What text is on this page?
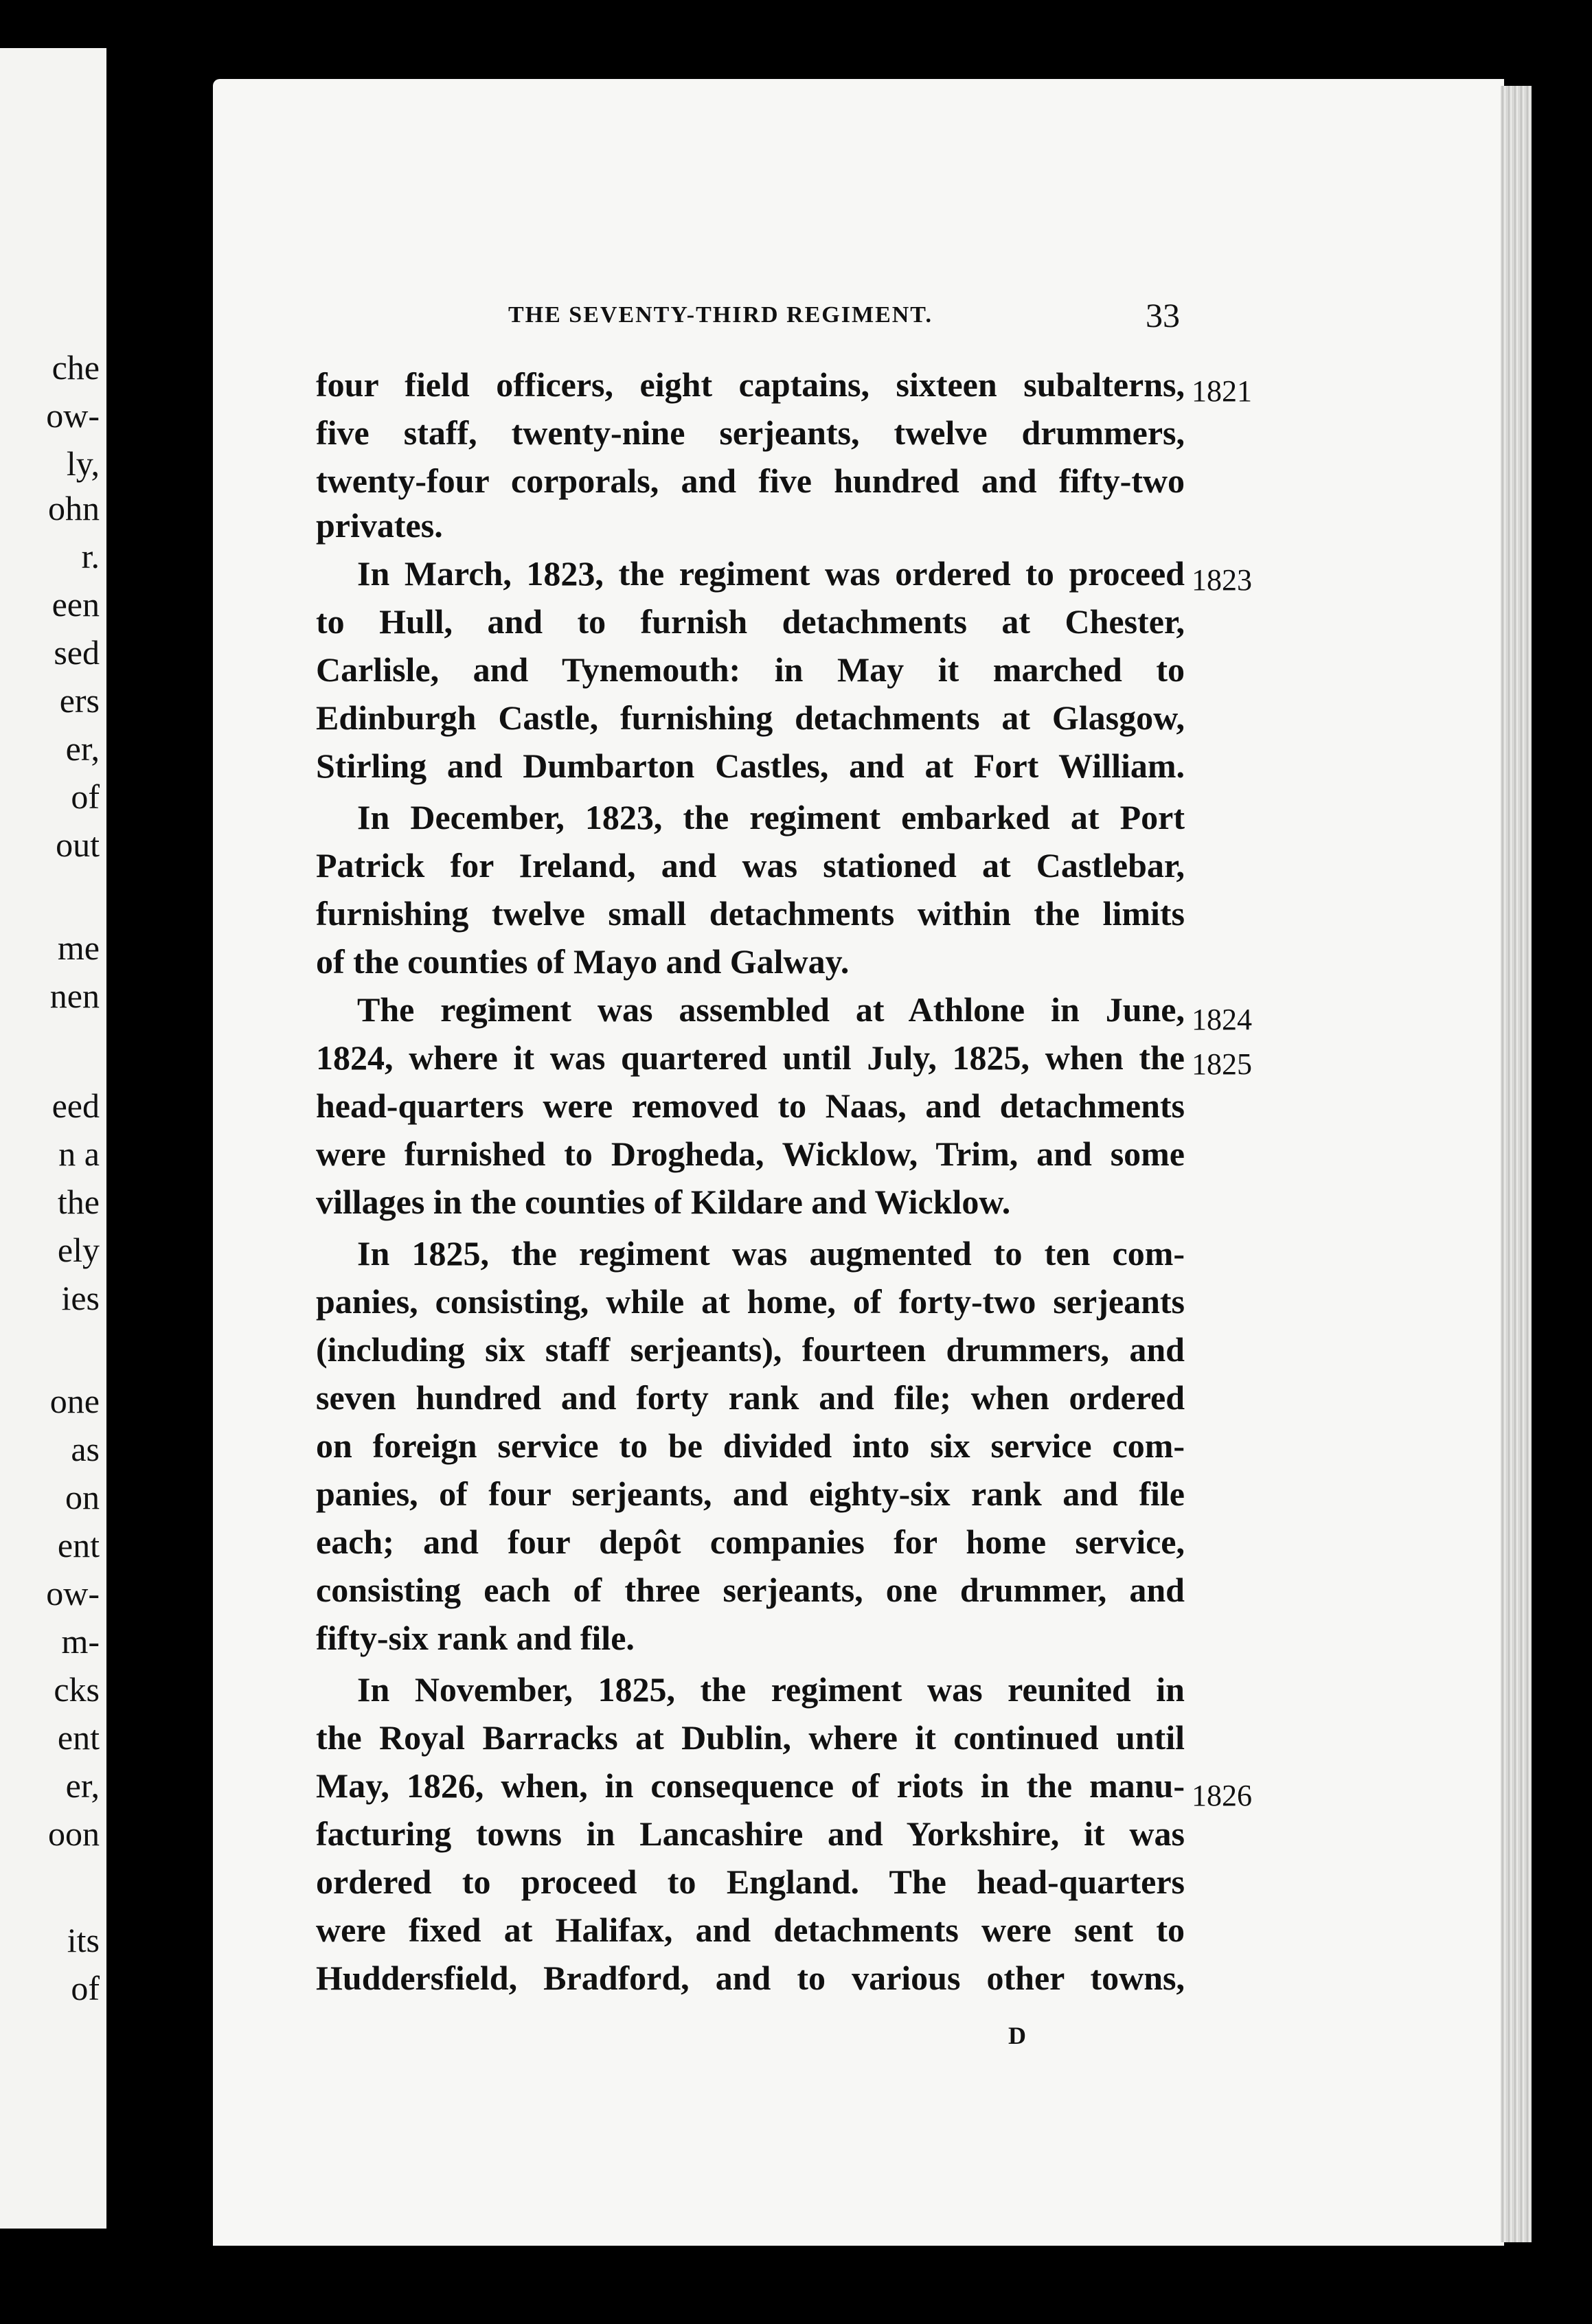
che
ow-
ly,
ohn
r.
een
sed
ers
er,
of
out
me
nen
eed
n a
the
ely
ies
one
as
on
ent
ow-
m-
cks
ent
er,
oon
its
of
THE SEVENTY-THIRD REGIMENT.	33
four field officers, eight captains, sixteen subalterns,
five staff, twenty-nine serjeants, twelve drummers,
twenty-four corporals, and five hundred and fifty-two
privates.
In March, 1823, the regiment was ordered to proceed
to Hull, and to furnish detachments at Chester,
Carlisle, and Tynemouth: in May it marched to
Edinburgh Castle, furnishing detachments at Glasgow,
Stirling and Dumbarton Castles, and at Fort William.
In December, 1823, the regiment embarked at Port
Patrick for Ireland, and was stationed at Castlebar,
furnishing twelve small detachments within the limits
of the counties of Mayo and Galway.
The regiment was assembled at Athlone in June,
1824, where it was quartered until July, 1825, when the
head-quarters were removed to Naas, and detachments
were furnished to Drogheda, Wicklow, Trim, and some
villages in the counties of Kildare and Wicklow.
In 1825, the regiment was augmented to ten com-
panies, consisting, while at home, of forty-two serjeants
(including six staff serjeants), fourteen drummers, and
seven hundred and forty rank and file; when ordered
on foreign service to be divided into six service com-
panies, of four serjeants, and eighty-six rank and file
each; and four depôt companies for home service,
consisting each of three serjeants, one drummer, and
fifty-six rank and file.
In November, 1825, the regiment was reunited in
the Royal Barracks at Dublin, where it continued until
May, 1826, when, in consequence of riots in the manu-
facturing towns in Lancashire and Yorkshire, it was
ordered to proceed to England. The head-quarters
were fixed at Halifax, and detachments were sent to
Huddersfield, Bradford, and to various other towns,
1821
1823
1824
1825
1826
D
